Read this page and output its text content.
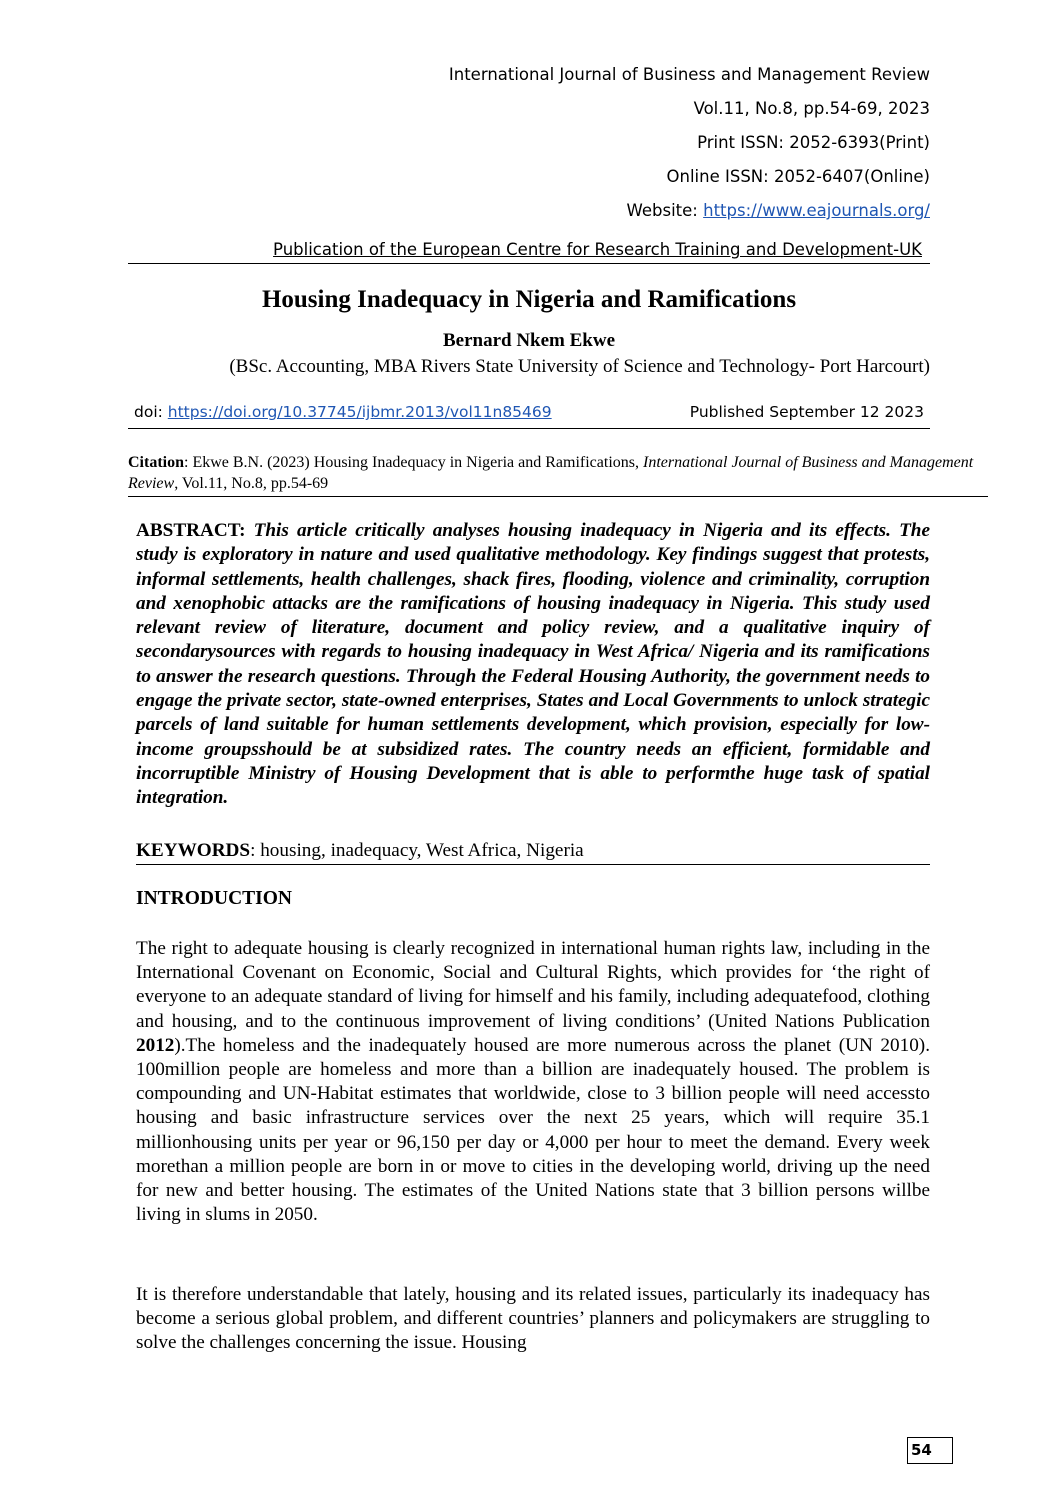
International Journal of Business and Management Review
Vol.11, No.8, pp.54-69, 2023
Print ISSN: 2052-6393(Print)
Online ISSN: 2052-6407(Online)
Website: https://www.eajournals.org/
Publication of the European Centre for Research Training and Development-UK
Housing Inadequacy in Nigeria and Ramifications
Bernard Nkem Ekwe
(BSc. Accounting, MBA Rivers State University of Science and Technology- Port Harcourt)
doi: https://doi.org/10.37745/ijbmr.2013/vol11n85469	Published September 12 2023
Citation: Ekwe B.N. (2023) Housing Inadequacy in Nigeria and Ramifications, International Journal of Business and Management Review, Vol.11, No.8, pp.54-69
ABSTRACT: This article critically analyses housing inadequacy in Nigeria and its effects. The study is exploratory in nature and used qualitative methodology. Key findings suggest that protests, informal settlements, health challenges, shack fires, flooding, violence and criminality, corruption and xenophobic attacks are the ramifications of housing inadequacy in Nigeria. This study used relevant review of literature, document and policy review, and a qualitative inquiry of secondarysources with regards to housing inadequacy in West Africa/ Nigeria and its ramifications to answer the research questions. Through the Federal Housing Authority, the government needs to engage the private sector, state-owned enterprises, States and Local Governments to unlock strategic parcels of land suitable for human settlements development, which provision, especially for low-income groupsshould be at subsidized rates. The country needs an efficient, formidable and incorruptible Ministry of Housing Development that is able to performthe huge task of spatial integration.
KEYWORDS: housing, inadequacy, West Africa, Nigeria
INTRODUCTION
The right to adequate housing is clearly recognized in international human rights law, including in the International Covenant on Economic, Social and Cultural Rights, which provides for ‘the right of everyone to an adequate standard of living for himself and his family, including adequatefood, clothing and housing, and to the continuous improvement of living conditions’ (United Nations Publication 2012).The homeless and the inadequately housed are more numerous across the planet (UN 2010). 100million people are homeless and more than a billion are inadequately housed. The problem is compounding and UN-Habitat estimates that worldwide, close to 3 billion people will need accessto housing and basic infrastructure services over the next 25 years, which will require 35.1 millionhousing units per year or 96,150 per day or 4,000 per hour to meet the demand. Every week morethan a million people are born in or move to cities in the developing world, driving up the need for new and better housing. The estimates of the United Nations state that 3 billion persons willbe living in slums in 2050.
It is therefore understandable that lately, housing and its related issues, particularly its inadequacy has become a serious global problem, and different countries’ planners and policymakers are struggling to solve the challenges concerning the issue. Housing
54
